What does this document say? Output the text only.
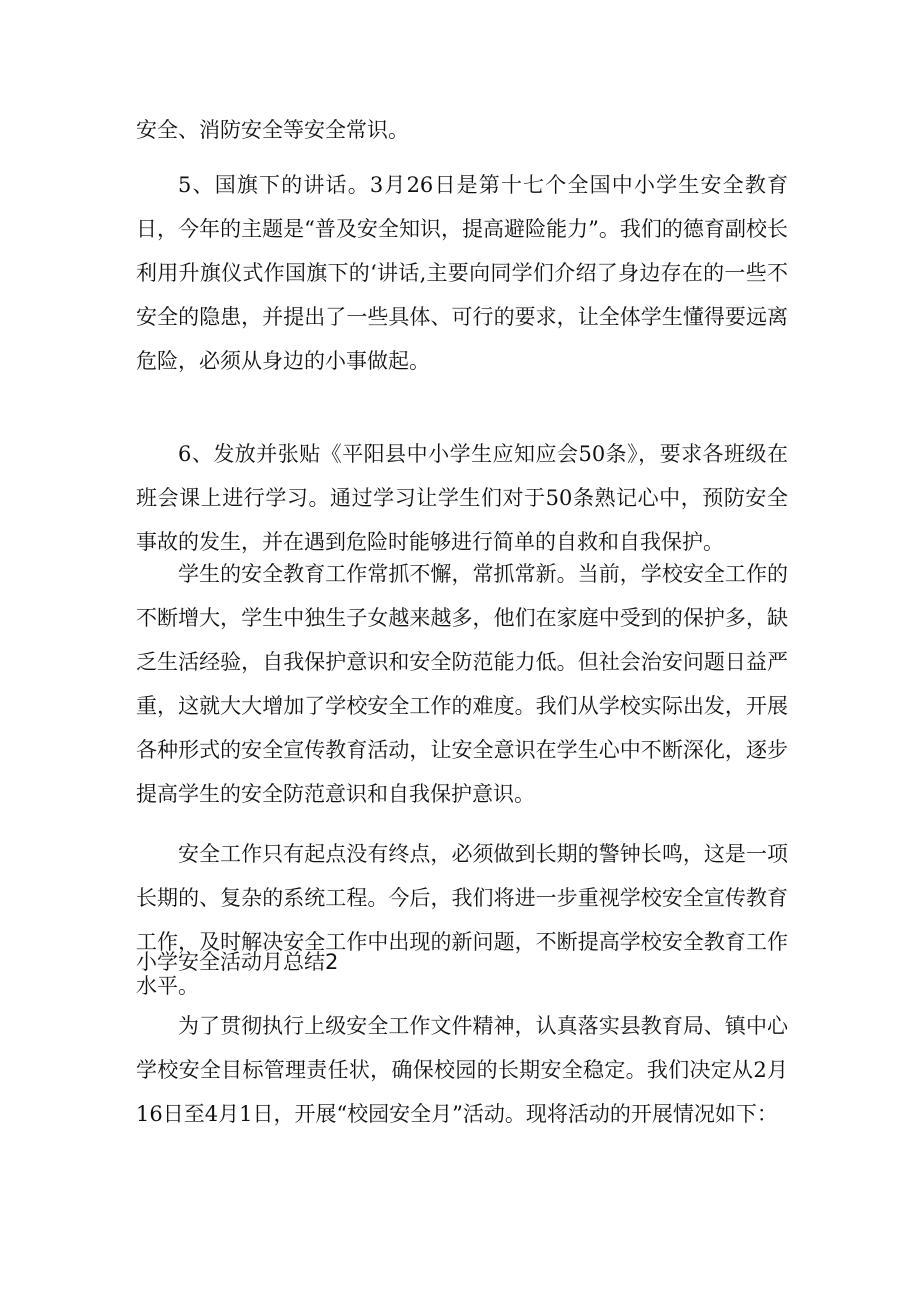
安全、消防安全等安全常识。

5、国旗下的讲话。3月26日是第十七个全国中小学生安全教育日，今年的主题是“普及安全知识，提高避险能力”。我们的德育副校长利用升旗仪式作国旗下的‘讲话,主要向同学们介绍了身边存在的一些不安全的隐患，并提出了一些具体、可行的要求，让全体学生懂得要远离危险，必须从身边的小事做起。

6、发放并张贴《平阳县中小学生应知应会50条》，要求各班级在班会课上进行学习。通过学习让学生们对于50条熟记心中，预防安全事故的发生，并在遇到危险时能够进行简单的自救和自我保护。

学生的安全教育工作常抓不懈，常抓常新。当前，学校安全工作的不断增大，学生中独生子女越来越多，他们在家庭中受到的保护多，缺乏生活经验，自我保护意识和安全防范能力低。但社会治安问题日益严重，这就大大增加了学校安全工作的难度。我们从学校实际出发，开展各种形式的安全宣传教育活动，让安全意识在学生心中不断深化，逐步提高学生的安全防范意识和自我保护意识。

安全工作只有起点没有终点，必须做到长期的警钟长鸣，这是一项长期的、复杂的系统工程。今后，我们将进一步重视学校安全宣传教育工作，及时解决安全工作中出现的新问题，不断提高学校安全教育工作水平。

小学安全活动月总结2

为了贯彻执行上级安全工作文件精神，认真落实县教育局、镇中心学校安全目标管理责任状，确保校园的长期安全稳定。我们决定从2月16日至4月1日，开展“校园安全月”活动。现将活动的开展情况如下：
